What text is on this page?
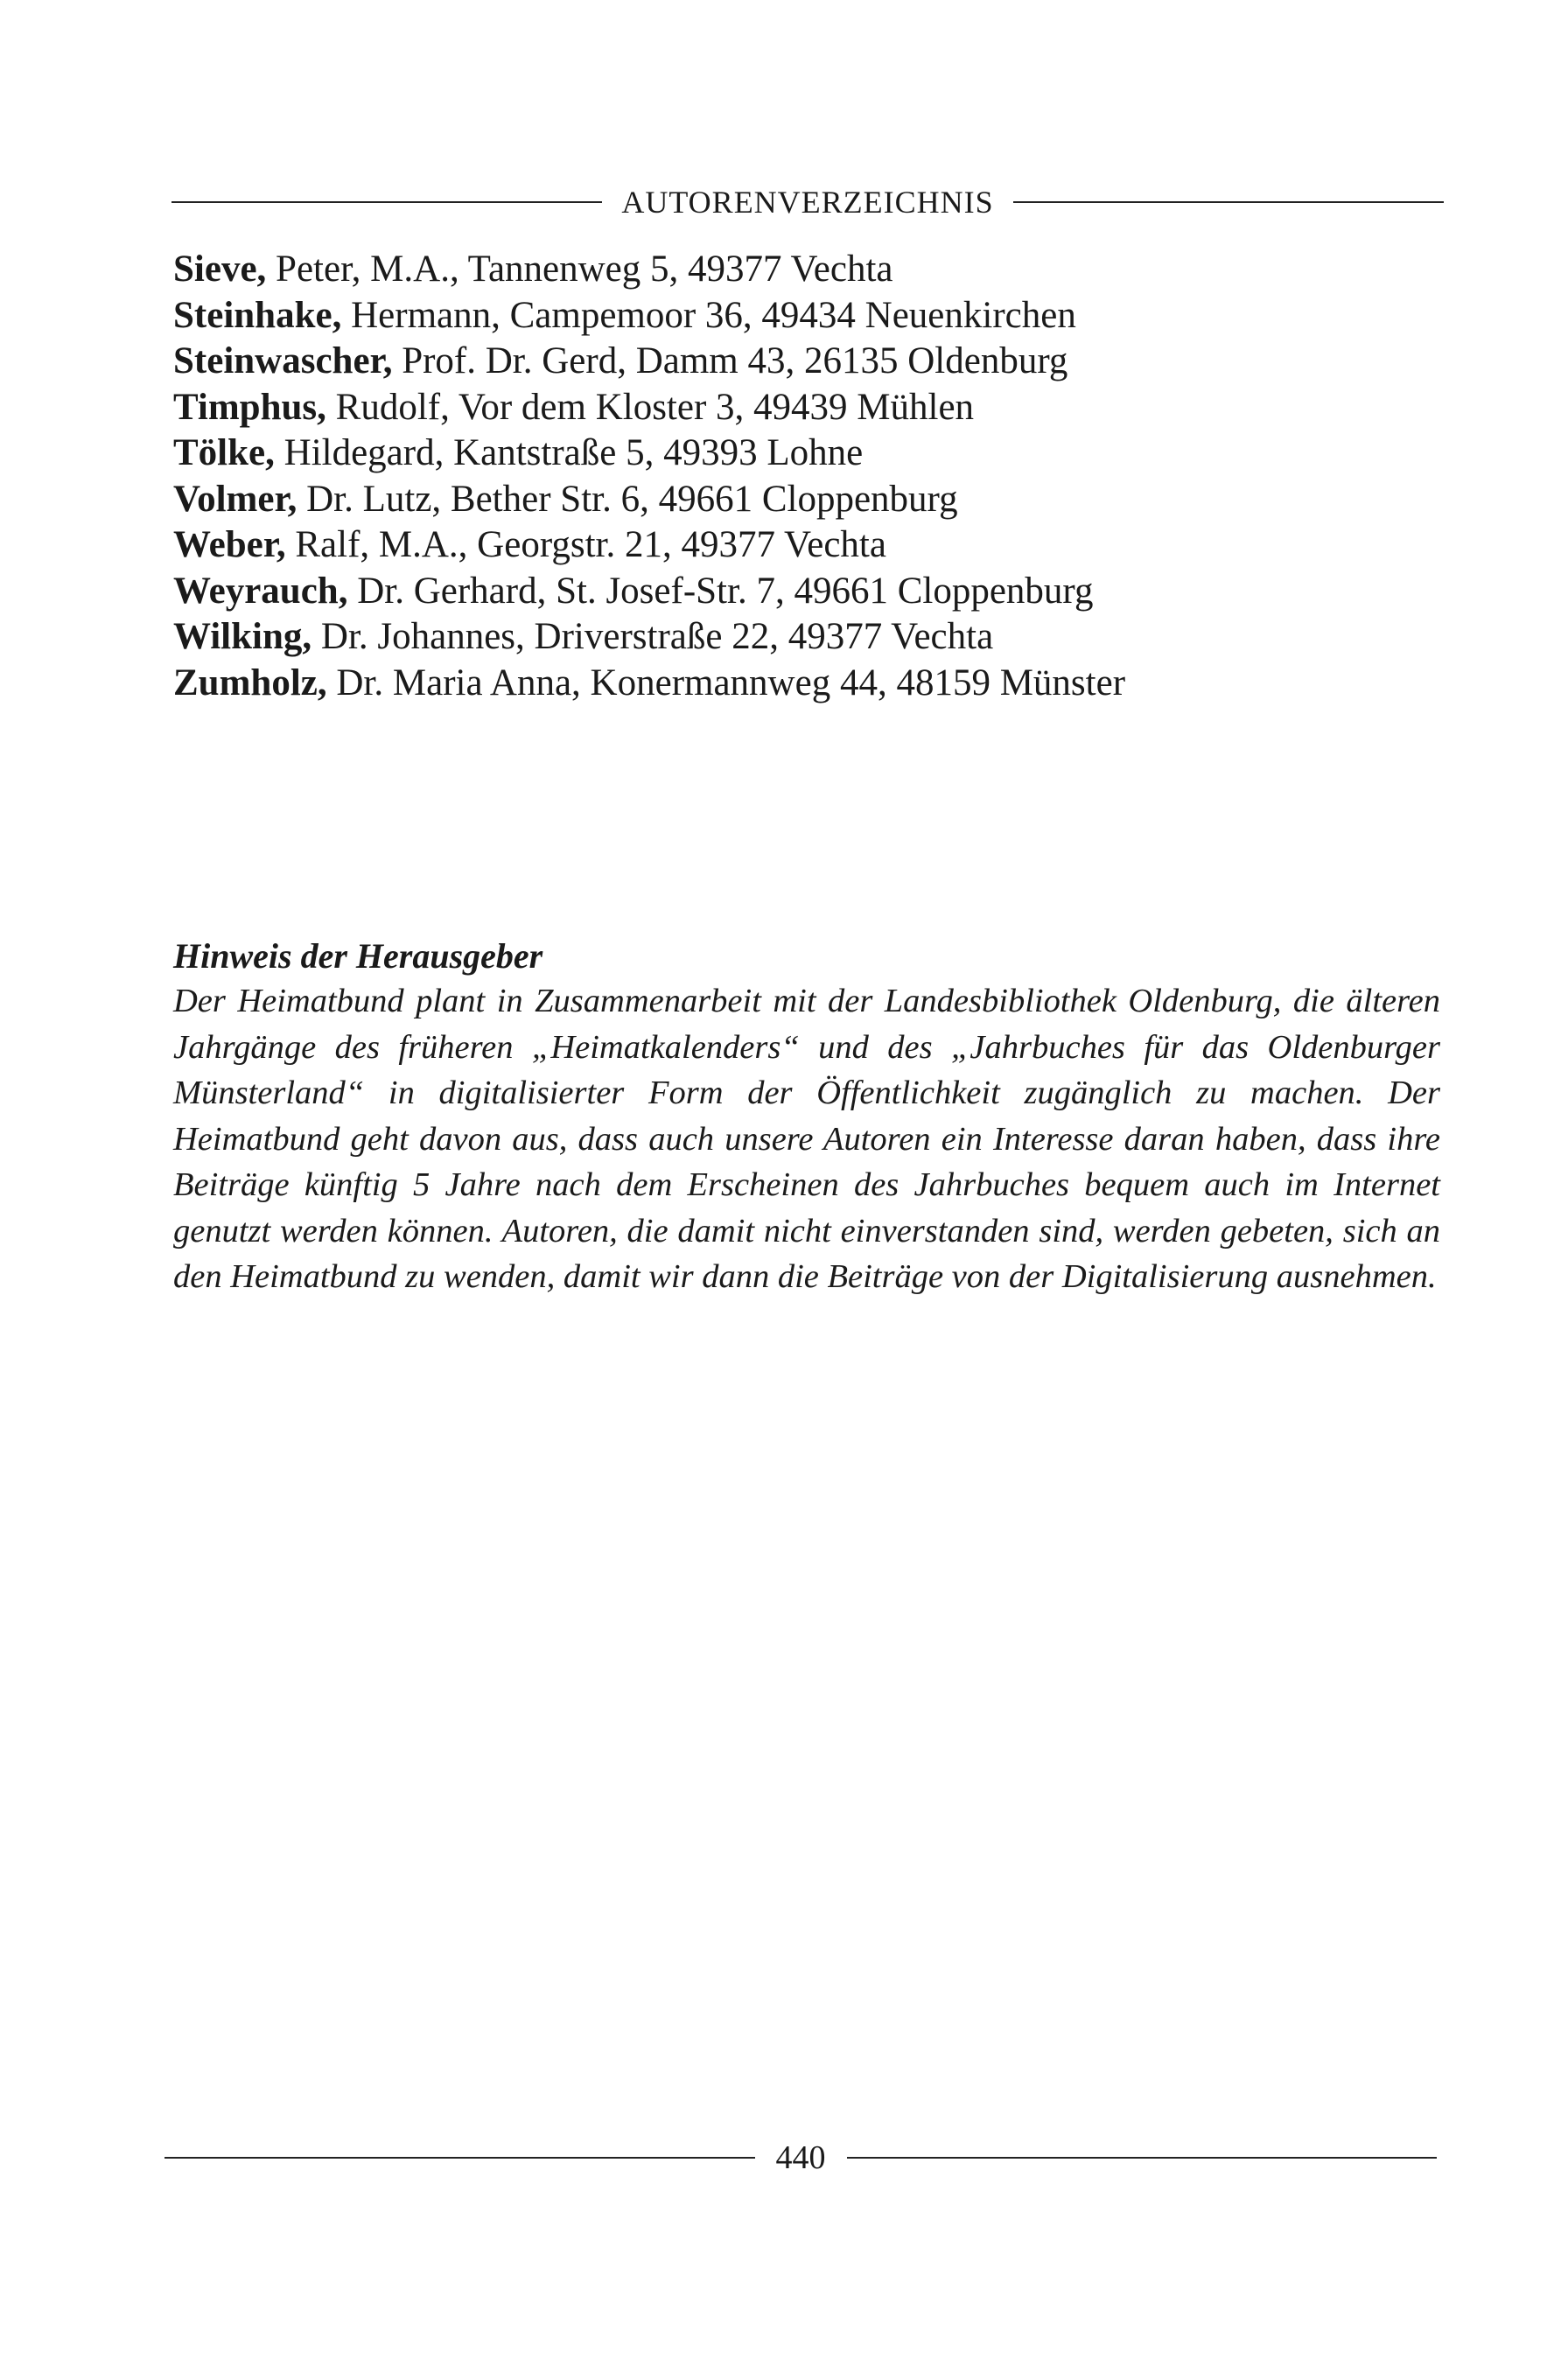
AUTORENVERZEICHNIS
Sieve, Peter, M.A., Tannenweg 5, 49377 Vechta
Steinhake, Hermann, Campemoor 36, 49434 Neuenkirchen
Steinwascher, Prof. Dr. Gerd, Damm 43, 26135 Oldenburg
Timphus, Rudolf, Vor dem Kloster 3, 49439 Mühlen
Tölke, Hildegard, Kantstraße 5, 49393 Lohne
Volmer, Dr. Lutz, Bether Str. 6, 49661 Cloppenburg
Weber, Ralf, M.A., Georgstr. 21, 49377 Vechta
Weyrauch, Dr. Gerhard, St. Josef-Str. 7, 49661 Cloppenburg
Wilking, Dr. Johannes, Driverstraße 22, 49377 Vechta
Zumholz, Dr. Maria Anna, Konermannweg 44, 48159 Münster

Hinweis der Herausgeber

Der Heimatbund plant in Zusammenarbeit mit der Landesbibliothek Oldenburg, die älteren Jahrgänge des früheren „Heimatkalenders“ und des „Jahrbuches für das Oldenburger Münsterland“ in digitalisierter Form der Öffentlichkeit zugänglich zu machen. Der Heimatbund geht davon aus, dass auch unsere Autoren ein Interesse daran haben, dass ihre Beiträge künftig 5 Jahre nach dem Erscheinen des Jahrbuches bequem auch im Internet genutzt werden können. Autoren, die damit nicht einverstanden sind, werden gebeten, sich an den Heimatbund zu wenden, damit wir dann die Beiträge von der Digitalisierung ausnehmen.

440
